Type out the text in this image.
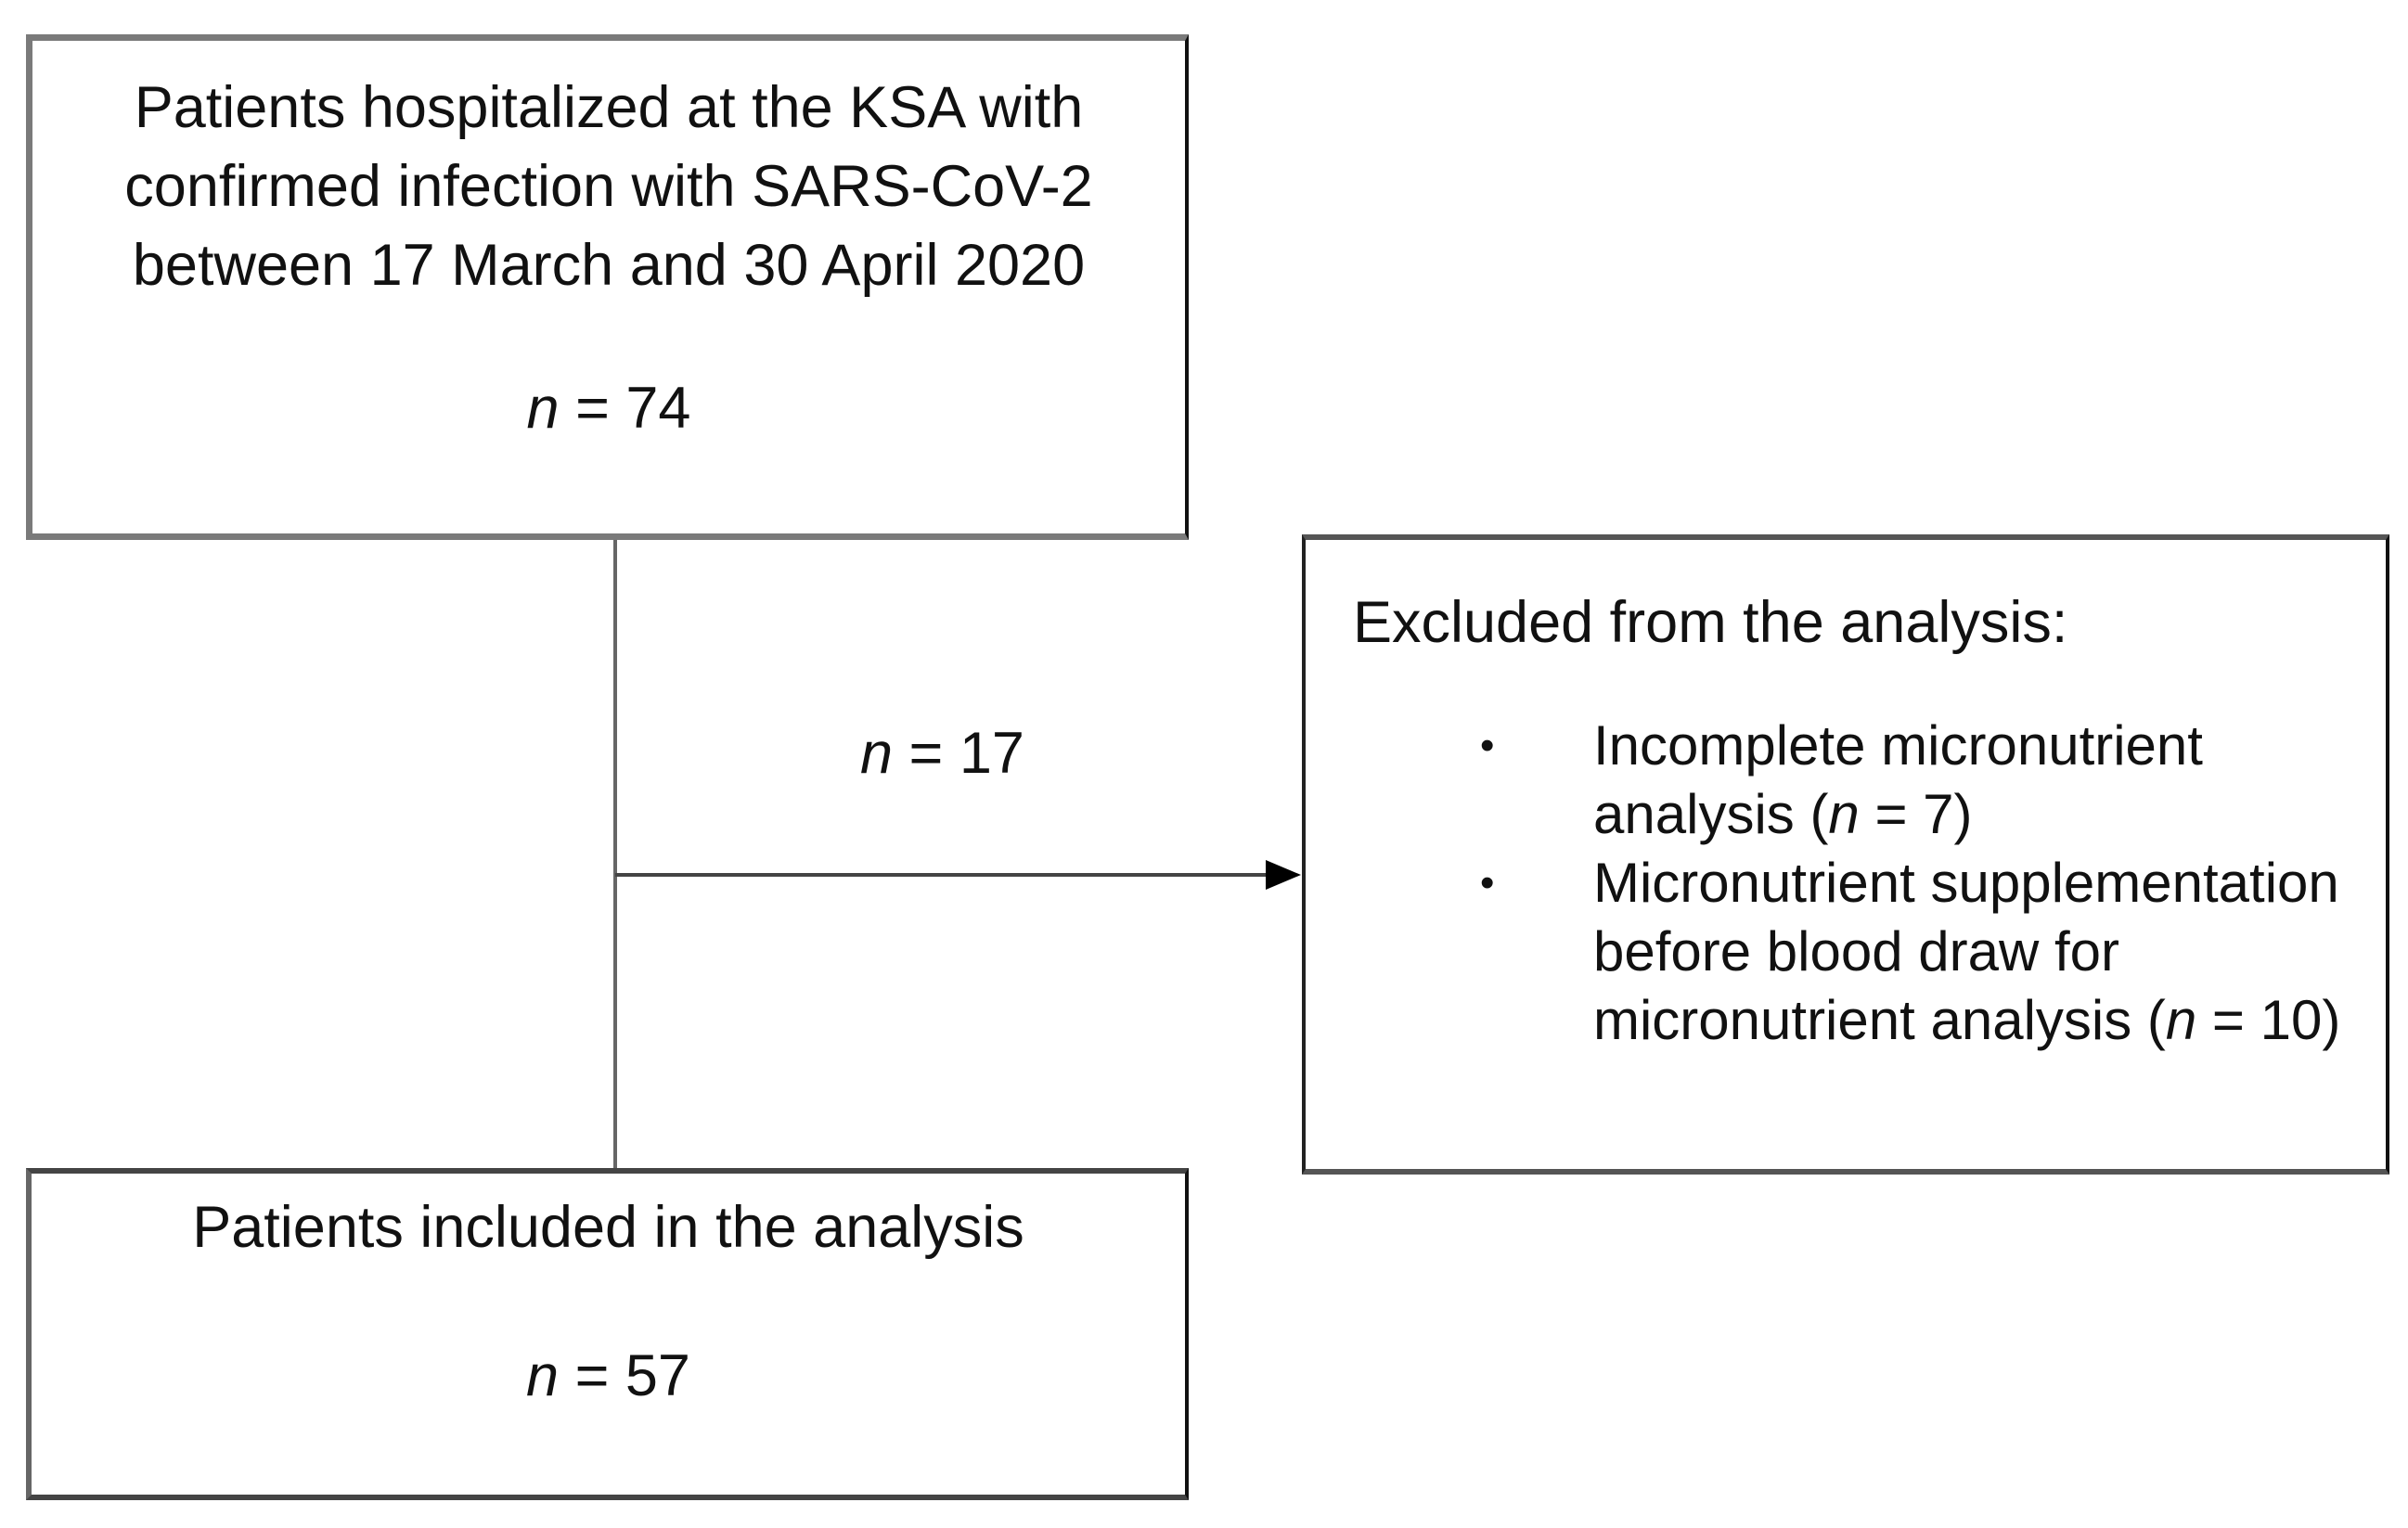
Patients hospitalized at the KSA with
confirmed infection with SARS-CoV-2
between 17 March and 30 April 2020
n = 74
n = 17
Excluded from the analysis:
• Incomplete micronutrient analysis (n = 7)
• Micronutrient supplementation before blood draw for micronutrient analysis (n = 10)
Patients included in the analysis
n = 57
